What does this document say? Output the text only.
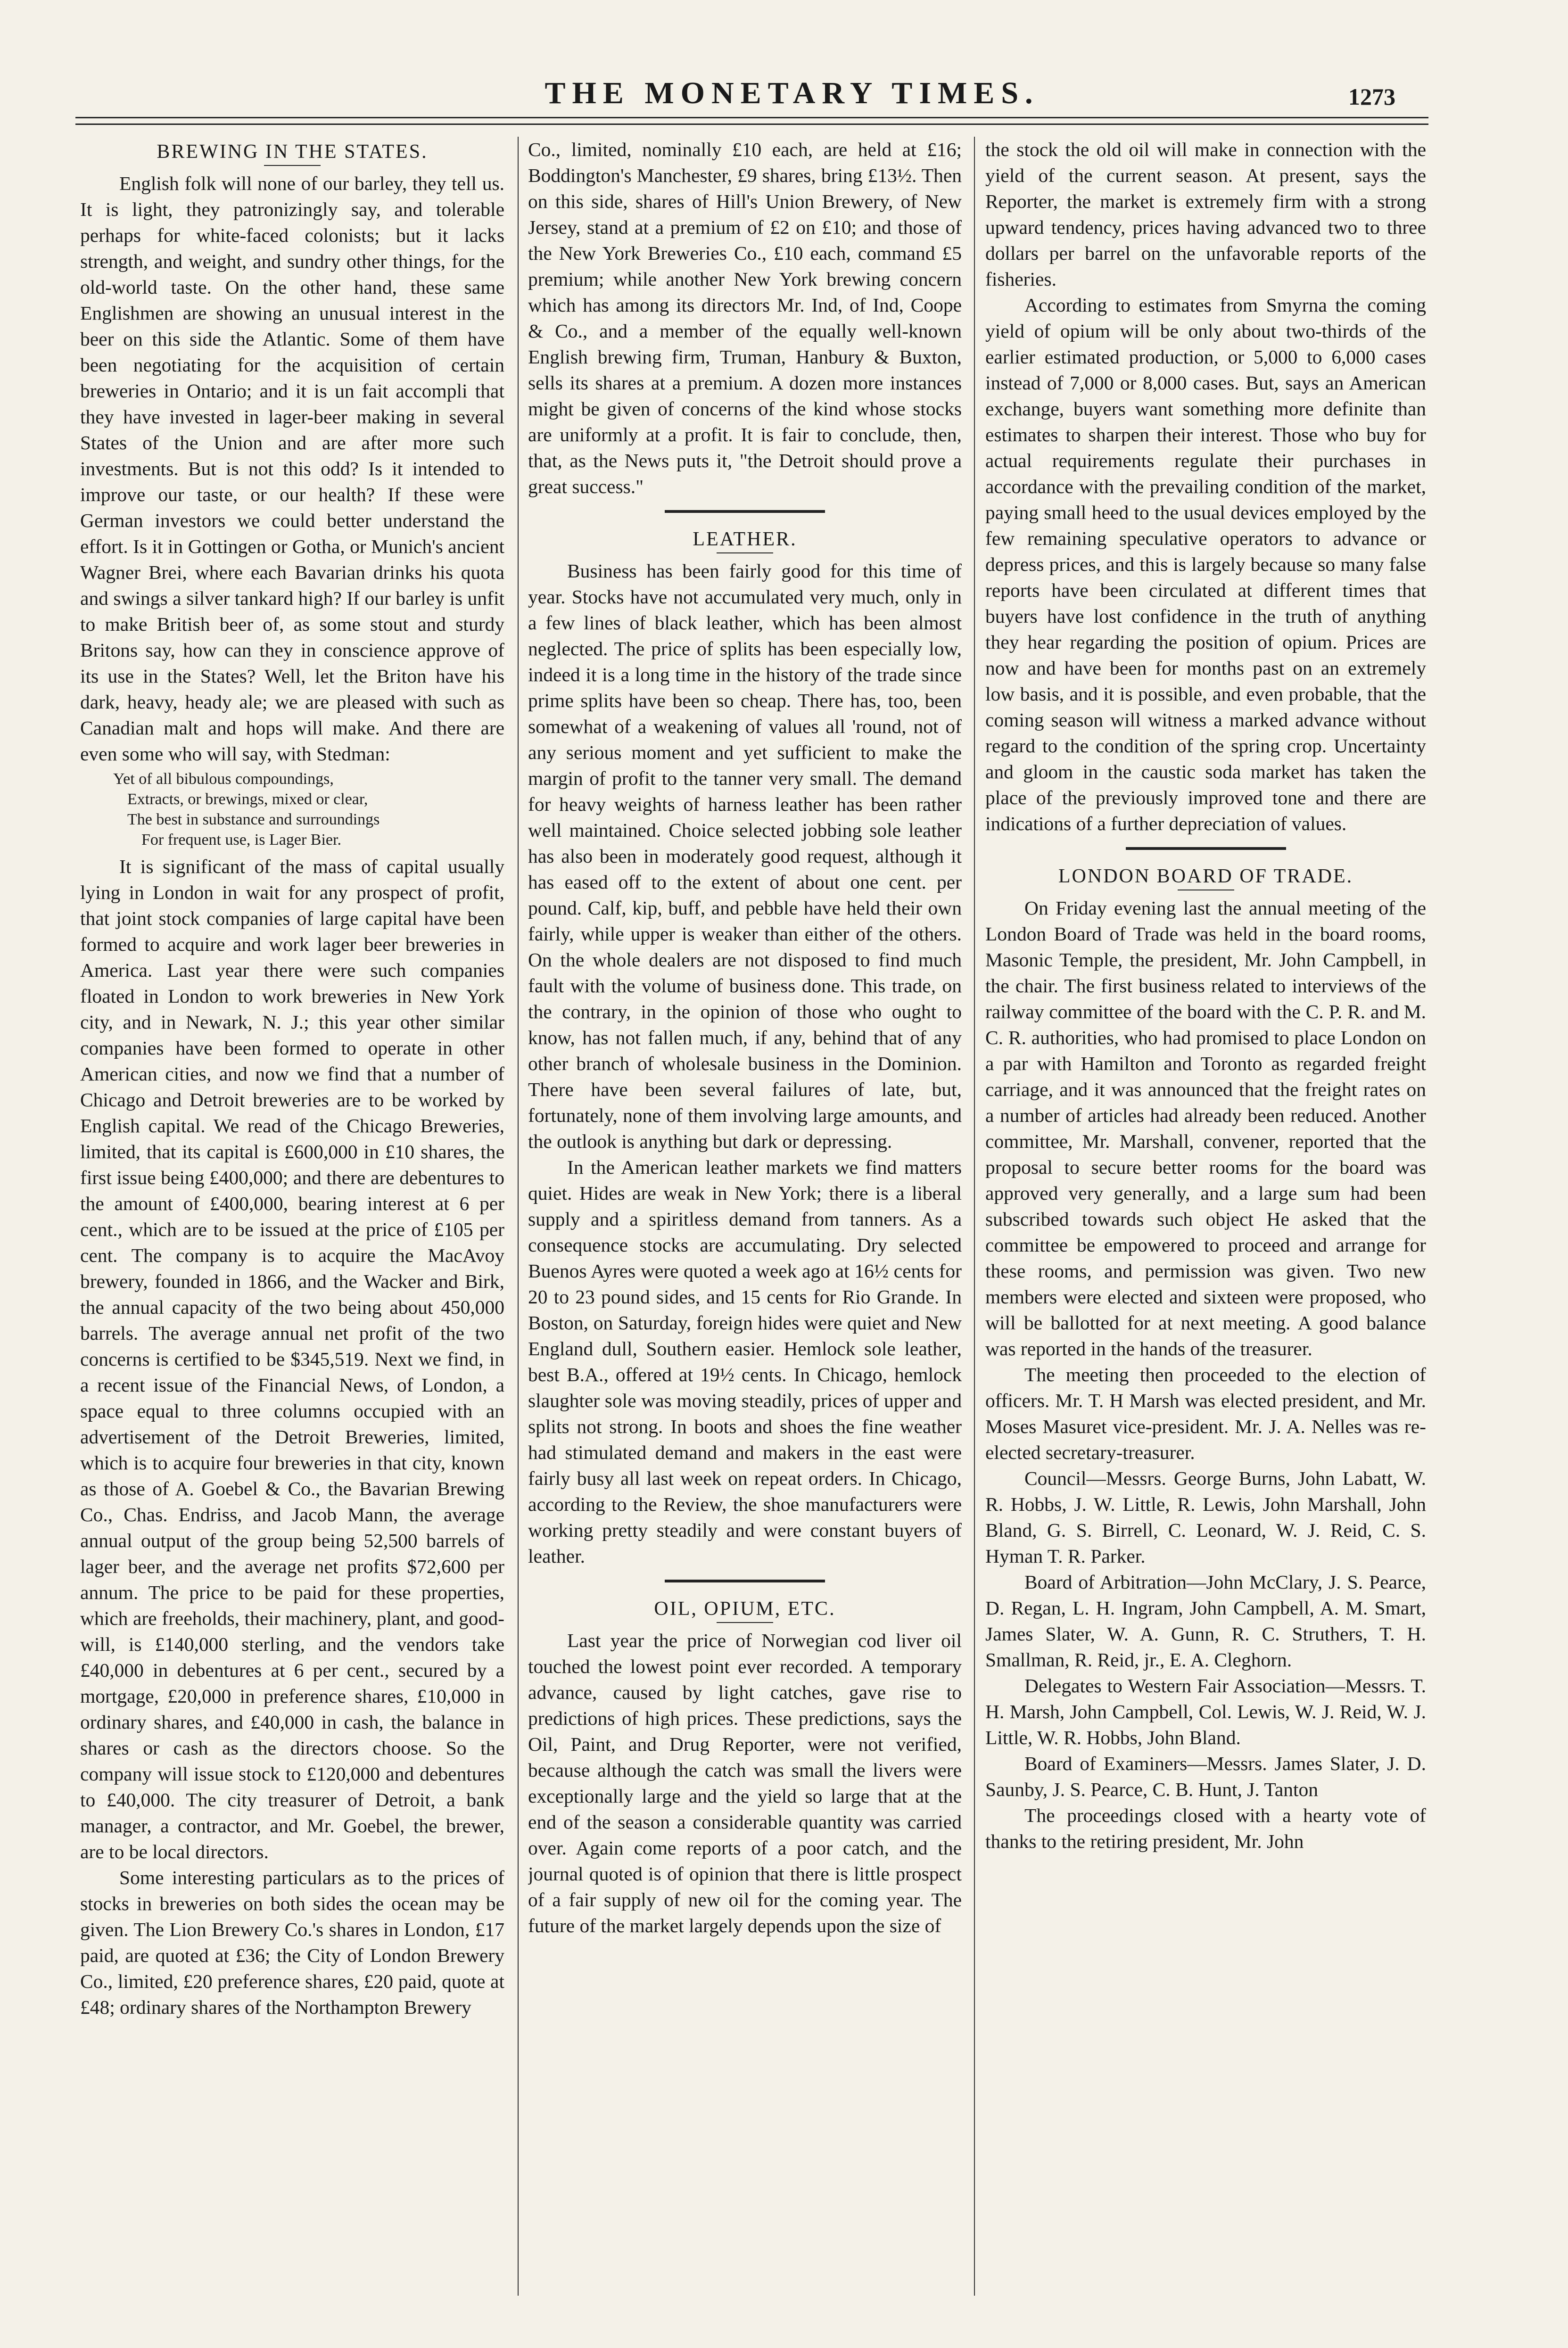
THE MONETARY TIMES.	1273
BREWING IN THE STATES.

English folk will none of our barley, they tell us. It is light, they patronizingly say, and tolerable perhaps for white-faced colonists; but it lacks strength, and weight, and sundry other things, for the old-world taste. On the other hand, these same Englishmen are showing an unusual interest in the beer on this side the Atlantic. Some of them have been negotiating for the acquisition of certain breweries in Ontario; and it is un fait accompli that they have invested in lager-beer making in several States of the Union and are after more such investments. But is not this odd? Is it intended to improve our taste, or our health? If these were German investors we could better understand the effort. Is it in Gottingen or Gotha, or Munich's ancient Wagner Brei, where each Bavarian drinks his quota and swings a silver tankard high? If our barley is unfit to make British beer of, as some stout and sturdy Britons say, how can they in conscience approve of its use in the States? Well, let the Briton have his dark, heavy, heady ale; we are pleased with such as Canadian malt and hops will make. And there are even some who will say, with Stedman:

Yet of all bibulous compoundings,
Extracts, or brewings, mixed or clear,
The best in substance and surroundings
For frequent use, is Lager Bier.

It is significant of the mass of capital usually lying in London in wait for any prospect of profit, that joint stock companies of large capital have been formed to acquire and work lager beer breweries in America. Last year there were such companies floated in London to work breweries in New York city, and in Newark, N. J.; this year other similar companies have been formed to operate in other American cities, and now we find that a number of Chicago and Detroit breweries are to be worked by English capital. We read of the Chicago Breweries, limited, that its capital is £600,000 in £10 shares, the first issue being £400,000; and there are debentures to the amount of £400,000, bearing interest at 6 per cent., which are to be issued at the price of £105 per cent. The company is to acquire the MacAvoy brewery, founded in 1866, and the Wacker and Birk, the annual capacity of the two being about 450,000 barrels. The average annual net profit of the two concerns is certified to be $345,519. Next we find, in a recent issue of the Financial News, of London, a space equal to three columns occupied with an advertisement of the Detroit Breweries, limited, which is to acquire four breweries in that city, known as those of A. Goebel & Co., the Bavarian Brewing Co., Chas. Endriss, and Jacob Mann, the average annual output of the group being 52,500 barrels of lager beer, and the average net profits $72,600 per annum. The price to be paid for these properties, which are freeholds, their machinery, plant, and good-will, is £140,000 sterling, and the vendors take £40,000 in debentures at 6 per cent., secured by a mortgage, £20,000 in preference shares, £10,000 in ordinary shares, and £40,000 in cash, the balance in shares or cash as the directors choose. So the company will issue stock to £120,000 and debentures to £40,000. The city treasurer of Detroit, a bank manager, a contractor, and Mr. Goebel, the brewer, are to be local directors.

Some interesting particulars as to the prices of stocks in breweries on both sides the ocean may be given. The Lion Brewery Co.'s shares in London, £17 paid, are quoted at £36; the City of London Brewery Co., limited, £20 preference shares, £20 paid, quote at £48; ordinary shares of the Northampton Brewery

Co., limited, nominally £10 each, are held at £16; Boddington's Manchester, £9 shares, bring £13½. Then on this side, shares of Hill's Union Brewery, of New Jersey, stand at a premium of £2 on £10; and those of the New York Breweries Co., £10 each, command £5 premium; while another New York brewing concern which has among its directors Mr. Ind, of Ind, Coope & Co., and a member of the equally well-known English brewing firm, Truman, Hanbury & Buxton, sells its shares at a premium. A dozen more instances might be given of concerns of the kind whose stocks are uniformly at a profit. It is fair to conclude, then, that, as the News puts it, "the Detroit should prove a great success."

LEATHER.

Business has been fairly good for this time of year. Stocks have not accumulated very much, only in a few lines of black leather, which has been almost neglected. The price of splits has been especially low, indeed it is a long time in the history of the trade since prime splits have been so cheap. There has, too, been somewhat of a weakening of values all 'round, not of any serious moment and yet sufficient to make the margin of profit to the tanner very small. The demand for heavy weights of harness leather has been rather well maintained. Choice selected jobbing sole leather has also been in moderately good request, although it has eased off to the extent of about one cent. per pound. Calf, kip, buff, and pebble have held their own fairly, while upper is weaker than either of the others. On the whole dealers are not disposed to find much fault with the volume of business done. This trade, on the contrary, in the opinion of those who ought to know, has not fallen much, if any, behind that of any other branch of wholesale business in the Dominion. There have been several failures of late, but, fortunately, none of them involving large amounts, and the outlook is anything but dark or depressing.

In the American leather markets we find matters quiet. Hides are weak in New York; there is a liberal supply and a spiritless demand from tanners. As a consequence stocks are accumulating. Dry selected Buenos Ayres were quoted a week ago at 16½ cents for 20 to 23 pound sides, and 15 cents for Rio Grande. In Boston, on Saturday, foreign hides were quiet and New England dull, Southern easier. Hemlock sole leather, best B.A., offered at 19½ cents. In Chicago, hemlock slaughter sole was moving steadily, prices of upper and splits not strong. In boots and shoes the fine weather had stimulated demand and makers in the east were fairly busy all last week on repeat orders. In Chicago, according to the Review, the shoe manufacturers were working pretty steadily and were constant buyers of leather.

OIL, OPIUM, ETC.

Last year the price of Norwegian cod liver oil touched the lowest point ever recorded. A temporary advance, caused by light catches, gave rise to predictions of high prices. These predictions, says the Oil, Paint, and Drug Reporter, were not verified, because although the catch was small the livers were exceptionally large and the yield so large that at the end of the season a considerable quantity was carried over. Again come reports of a poor catch, and the journal quoted is of opinion that there is little prospect of a fair supply of new oil for the coming year. The future of the market largely depends upon the size of

the stock the old oil will make in connection with the yield of the current season. At present, says the Reporter, the market is extremely firm with a strong upward tendency, prices having advanced two to three dollars per barrel on the unfavorable reports of the fisheries.

According to estimates from Smyrna the coming yield of opium will be only about two-thirds of the earlier estimated production, or 5,000 to 6,000 cases instead of 7,000 or 8,000 cases. But, says an American exchange, buyers want something more definite than estimates to sharpen their interest. Those who buy for actual requirements regulate their purchases in accordance with the prevailing condition of the market, paying small heed to the usual devices employed by the few remaining speculative operators to advance or depress prices, and this is largely because so many false reports have been circulated at different times that buyers have lost confidence in the truth of anything they hear regarding the position of opium. Prices are now and have been for months past on an extremely low basis, and it is possible, and even probable, that the coming season will witness a marked advance without regard to the condition of the spring crop. Uncertainty and gloom in the caustic soda market has taken the place of the previously improved tone and there are indications of a further depreciation of values.

LONDON BOARD OF TRADE.

On Friday evening last the annual meeting of the London Board of Trade was held in the board rooms, Masonic Temple, the president, Mr. John Campbell, in the chair. The first business related to interviews of the railway committee of the board with the C. P. R. and M. C. R. authorities, who had promised to place London on a par with Hamilton and Toronto as regarded freight carriage, and it was announced that the freight rates on a number of articles had already been reduced. Another committee, Mr. Marshall, convener, reported that the proposal to secure better rooms for the board was approved very generally, and a large sum had been subscribed towards such object He asked that the committee be empowered to proceed and arrange for these rooms, and permission was given. Two new members were elected and sixteen were proposed, who will be ballotted for at next meeting. A good balance was reported in the hands of the treasurer.

The meeting then proceeded to the election of officers. Mr. T. H Marsh was elected president, and Mr. Moses Masuret vice-president. Mr. J. A. Nelles was re-elected secretary-treasurer.

Council—Messrs. George Burns, John Labatt, W. R. Hobbs, J. W. Little, R. Lewis, John Marshall, John Bland, G. S. Birrell, C. Leonard, W. J. Reid, C. S. Hyman T. R. Parker.

Board of Arbitration—John McClary, J. S. Pearce, D. Regan, L. H. Ingram, John Campbell, A. M. Smart, James Slater, W. A. Gunn, R. C. Struthers, T. H. Smallman, R. Reid, jr., E. A. Cleghorn.

Delegates to Western Fair Association—Messrs. T. H. Marsh, John Campbell, Col. Lewis, W. J. Reid, W. J. Little, W. R. Hobbs, John Bland.

Board of Examiners—Messrs. James Slater, J. D. Saunby, J. S. Pearce, C. B. Hunt, J. Tanton

The proceedings closed with a hearty vote of thanks to the retiring president, Mr. John
